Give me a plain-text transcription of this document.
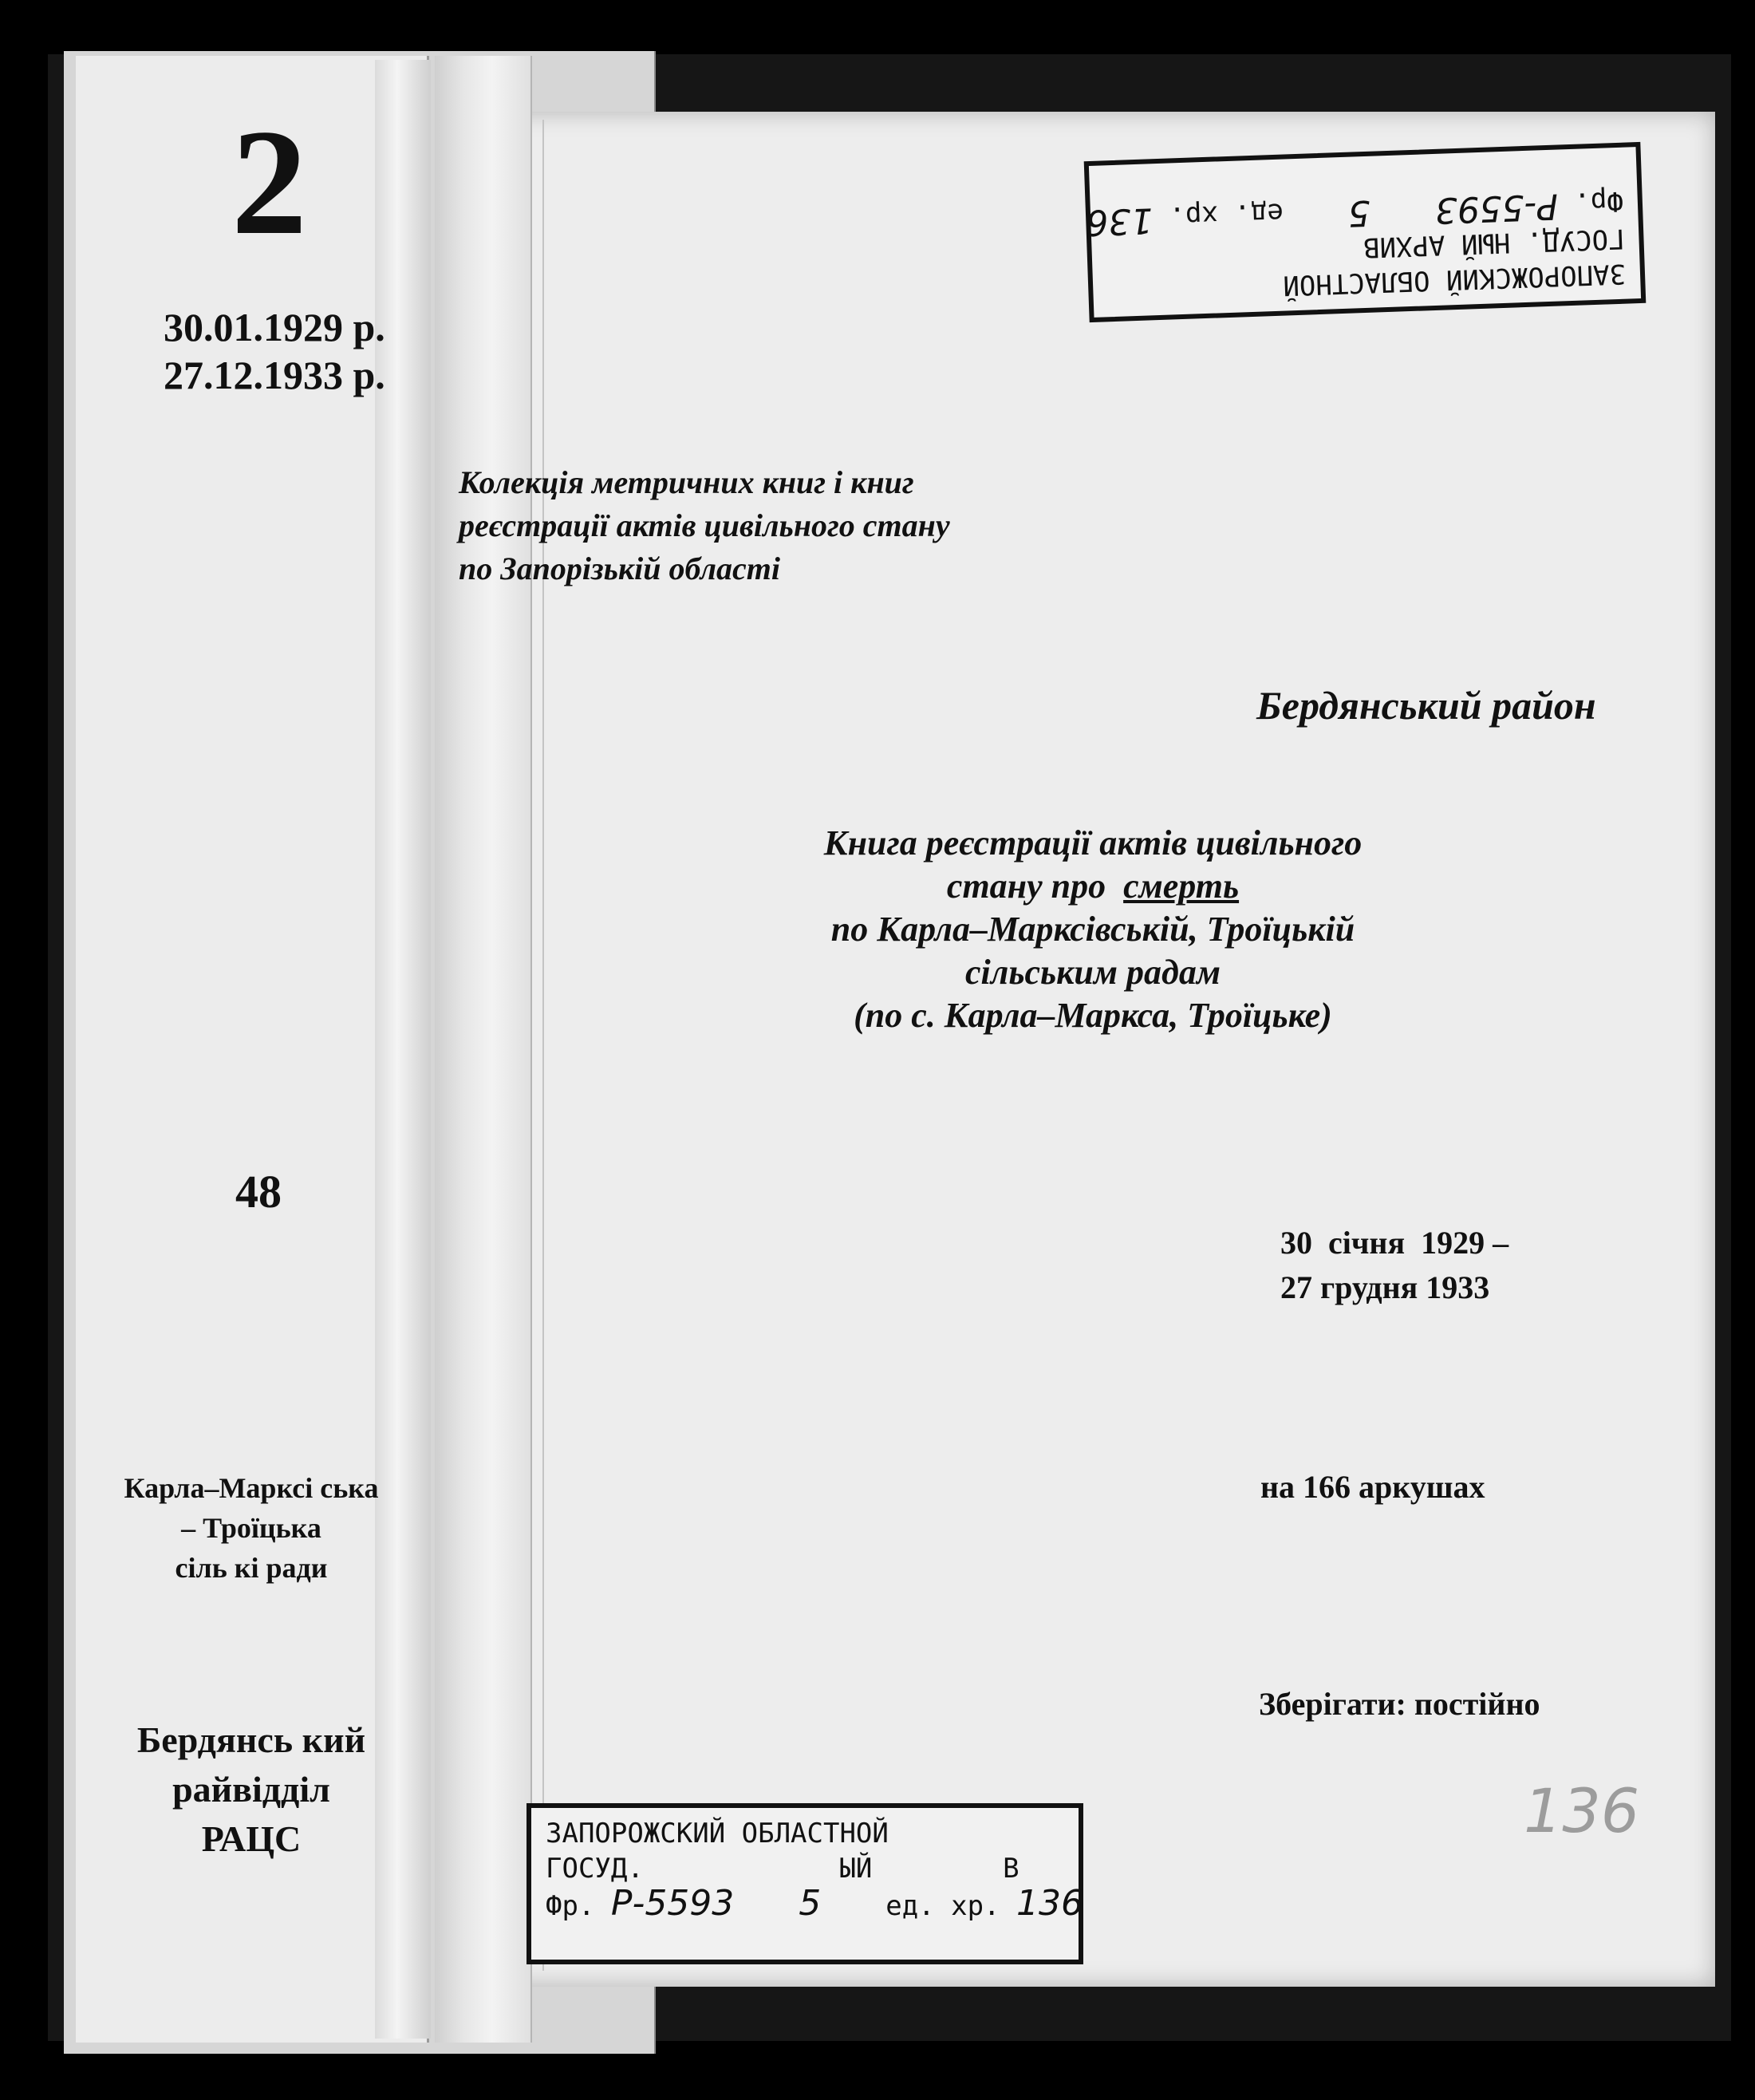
2
30.01.1929 р.
27.12.1933 р.
48
Карла–Марксі ська
– Троїцька
сіль кі ради
Бердянсь кий
райвідділ
РАЦС
ЗАПОРОЖСКИЙ ОБЛАСТНОЙ
ГОСУД. НЫЙ АРХИВ
Фр. Р-5593  5  ед. хр. 136
Колекція метричних книг і книг
реєстрації актів цивільного стану
по Запорізькій області
Бердянський район
Книга реєстрації актів цивільного
стану про смерть
по Карла–Марксівській, Троїцькій
сільським радам
(по с. Карла–Маркса, Троїцьке)
30  січня  1929 –
27 грудня 1933
на 166 аркушах
Зберігати: постійно
136
ЗАПОРОЖСКИЙ ОБЛАСТНОЙ
ГОСУД.            ЫЙ        В
Фр. Р-5593 5 ед. хр. 136
